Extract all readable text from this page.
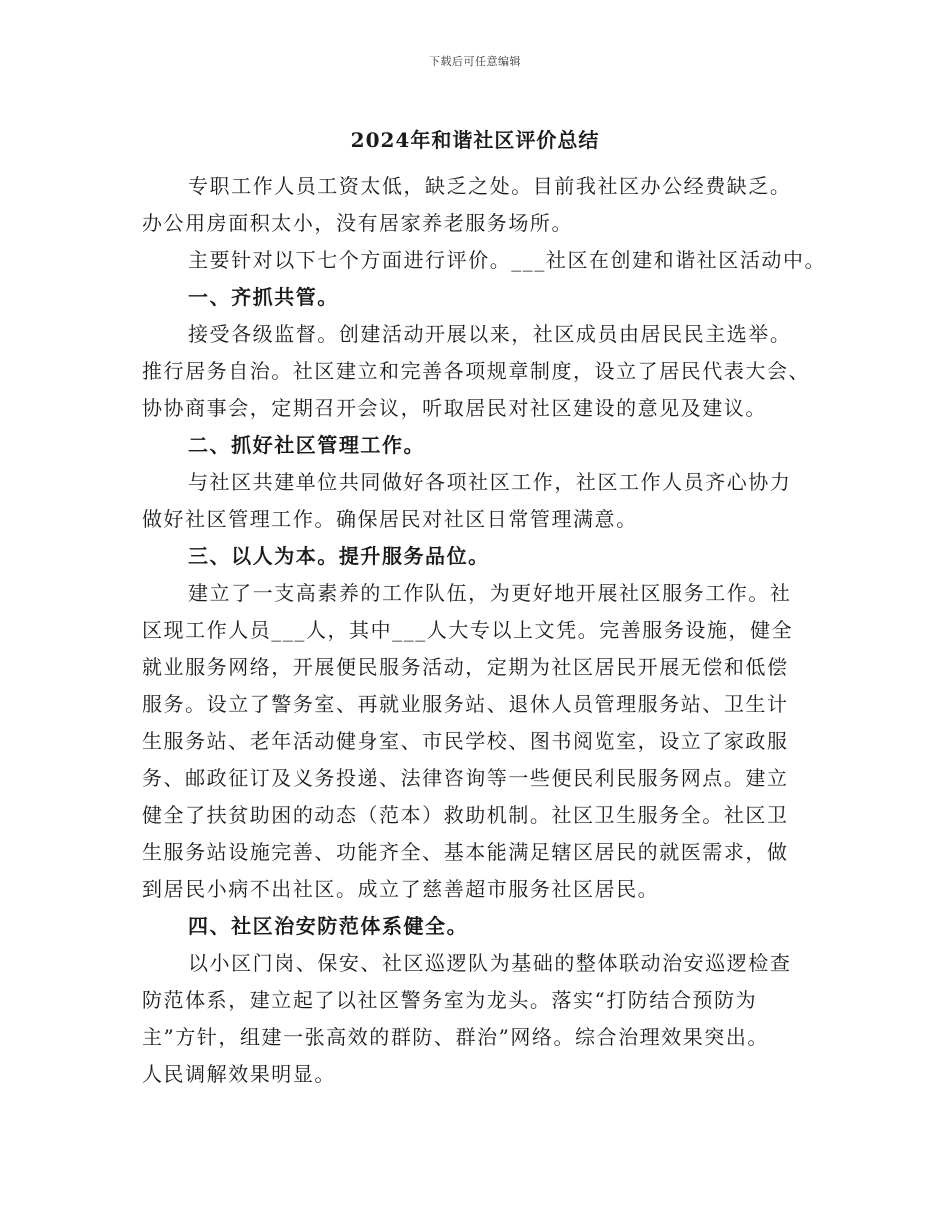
下载后可任意编辑
2024年和谐社区评价总结
专职工作人员工资太低，缺乏之处。目前我社区办公经费缺乏。
办公用房面积太小，没有居家养老服务场所。
主要针对以下七个方面进行评价。___社区在创建和谐社区活动中。
一、齐抓共管。
接受各级监督。创建活动开展以来，社区成员由居民民主选举。
推行居务自治。社区建立和完善各项规章制度，设立了居民代表大会、
协协商事会，定期召开会议，听取居民对社区建设的意见及建议。
二、抓好社区管理工作。
与社区共建单位共同做好各项社区工作，社区工作人员齐心协力
做好社区管理工作。确保居民对社区日常管理满意。
三、以人为本。提升服务品位。
建立了一支高素养的工作队伍，为更好地开展社区服务工作。社
区现工作人员___人，其中___人大专以上文凭。完善服务设施，健全
就业服务网络，开展便民服务活动，定期为社区居民开展无偿和低偿
服务。设立了警务室、再就业服务站、退休人员管理服务站、卫生计
生服务站、老年活动健身室、市民学校、图书阅览室，设立了家政服
务、邮政征订及义务投递、法律咨询等一些便民利民服务网点。建立
健全了扶贫助困的动态（范本）救助机制。社区卫生服务全。社区卫
生服务站设施完善、功能齐全、基本能满足辖区居民的就医需求，做
到居民小病不出社区。成立了慈善超市服务社区居民。
四、社区治安防范体系健全。
以小区门岗、保安、社区巡逻队为基础的整体联动治安巡逻检查
防范体系，建立起了以社区警务室为龙头。落实“打防结合预防为
主”方针，组建一张高效的群防、群治”网络。综合治理效果突出。
人民调解效果明显。
